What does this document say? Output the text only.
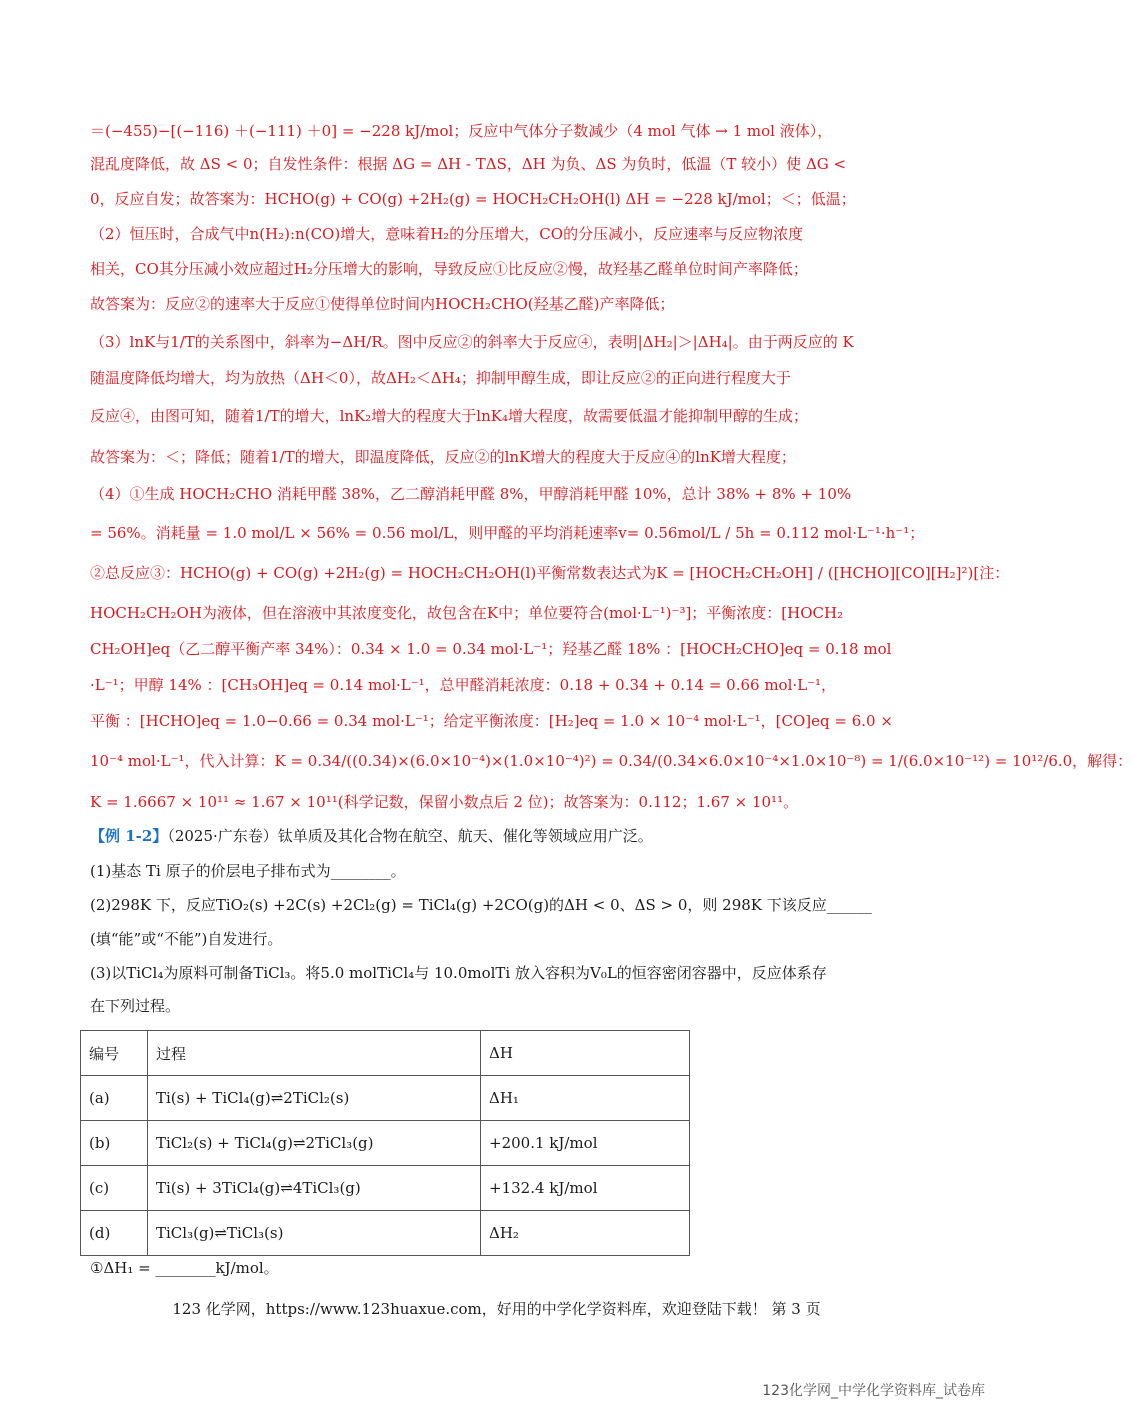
＝(−455)−[(−116) ＋(−111) ＋0] = −228 kJ/mol；反应中气体分子数减少（4 mol 气体 → 1 mol 液体），
混乱度降低，故 ΔS < 0；自发性条件：根据 ΔG = ΔH - TΔS，ΔH 为负、ΔS 为负时，低温（T 较小）使 ΔG <
0，反应自发；故答案为：HCHO(g) + CO(g) +2H₂(g) = HOCH₂CH₂OH(l) ΔH = −228 kJ/mol；＜；低温；
（2）恒压时，合成气中n(H₂):n(CO)增大，意味着H₂的分压增大，CO的分压减小，反应速率与反应物浓度
相关，CO其分压减小效应超过H₂分压增大的影响，导致反应①比反应②慢，故羟基乙醛单位时间产率降低；
故答案为：反应②的速率大于反应①使得单位时间内HOCH₂CHO(羟基乙醛)产率降低；
（3）lnK与1/T的关系图中，斜率为−ΔH/R。图中反应②的斜率大于反应④，表明|ΔH₂|＞|ΔH₄|。由于两反应的 K
随温度降低均增大，均为放热（ΔH＜0），故ΔH₂＜ΔH₄；抑制甲醇生成，即让反应②的正向进行程度大于
反应④，由图可知，随着1/T的增大，lnK₂增大的程度大于lnK₄增大程度，故需要低温才能抑制甲醇的生成；
故答案为：＜；降低；随着1/T的增大，即温度降低，反应②的lnK增大的程度大于反应④的lnK增大程度；
（4）①生成 HOCH₂CHO 消耗甲醛 38%，乙二醇消耗甲醛 8%，甲醇消耗甲醛 10%，总计 38% + 8% + 10%
= 56%。消耗量 = 1.0 mol/L × 56% = 0.56 mol/L，则甲醛的平均消耗速率v= 0.56mol/L / 5h = 0.112 mol·L⁻¹·h⁻¹；
②总反应③：HCHO(g) + CO(g) +2H₂(g) = HOCH₂CH₂OH(l)平衡常数表达式为K = [HOCH₂CH₂OH] / ([HCHO][CO][H₂]²)[注：
HOCH₂CH₂OH为液体，但在溶液中其浓度变化，故包含在K中；单位要符合(mol·L⁻¹)⁻³]；平衡浓度：[HOCH₂
CH₂OH]eq（乙二醇平衡产率 34%）：0.34 × 1.0 = 0.34 mol·L⁻¹；羟基乙醛 18% ：[HOCH₂CHO]eq = 0.18 mol
·L⁻¹；甲醇 14% ：[CH₃OH]eq = 0.14 mol·L⁻¹，总甲醛消耗浓度：0.18 + 0.34 + 0.14 = 0.66 mol·L⁻¹，
平衡 ：[HCHO]eq = 1.0−0.66 = 0.34 mol·L⁻¹；给定平衡浓度：[H₂]eq = 1.0 × 10⁻⁴ mol·L⁻¹，[CO]eq = 6.0 ×
10⁻⁴ mol·L⁻¹，代入计算：K = 0.34/((0.34)×(6.0×10⁻⁴)×(1.0×10⁻⁴)²) = 0.34/(0.34×6.0×10⁻⁴×1.0×10⁻⁸) = 1/(6.0×10⁻¹²) = 10¹²/6.0，解得：
K = 1.6667 × 10¹¹ ≈ 1.67 × 10¹¹(科学记数，保留小数点后 2 位)；故答案为：0.112；1.67 × 10¹¹。
【例 1-2】（2025·广东卷）钛单质及其化合物在航空、航天、催化等领域应用广泛。
(1)基态 Ti 原子的价层电子排布式为________。
(2)298K 下，反应TiO₂(s) +2C(s) +2Cl₂(g) = TiCl₄(g) +2CO(g)的ΔH < 0、ΔS > 0，则 298K 下该反应______
(填“能”或“不能”)自发进行。
(3)以TiCl₄为原料可制备TiCl₃。将5.0 molTiCl₄与 10.0molTi 放入容积为V₀L的恒容密闭容器中，反应体系存
在下列过程。
编号	过程	ΔH
(a)	Ti(s) + TiCl₄(g)⇌2TiCl₂(s)	ΔH₁
(b)	TiCl₂(s) + TiCl₄(g)⇌2TiCl₃(g)	+200.1 kJ/mol
(c)	Ti(s) + 3TiCl₄(g)⇌4TiCl₃(g)	+132.4 kJ/mol
(d)	TiCl₃(g)⇌TiCl₃(s)	ΔH₂
①ΔH₁ = ________kJ/mol。
123 化学网，https://www.123huaxue.com，好用的中学化学资料库，欢迎登陆下载！ 第 3 页
123化学网_中学化学资料库_试卷库
